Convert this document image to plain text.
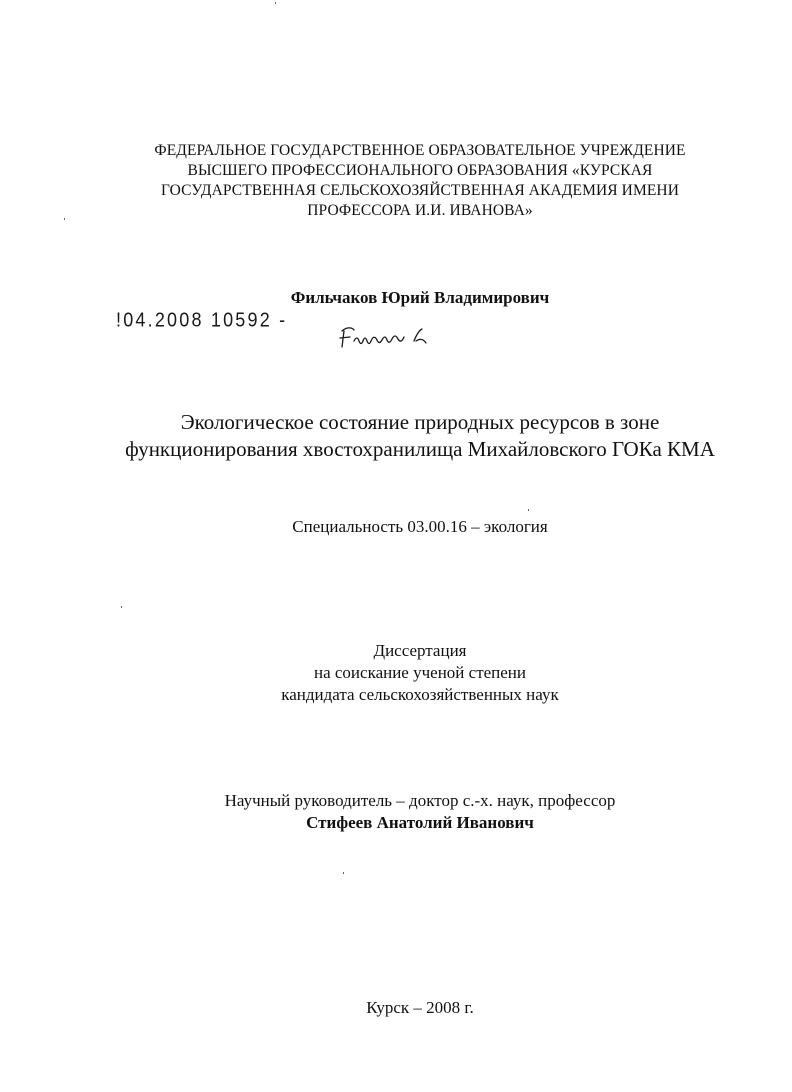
ФЕДЕРАЛЬНОЕ ГОСУДАРСТВЕННОЕ ОБРАЗОВАТЕЛЬНОЕ УЧРЕЖДЕНИЕ
ВЫСШЕГО ПРОФЕССИОНАЛЬНОГО ОБРАЗОВАНИЯ «КУРСКАЯ
ГОСУДАРСТВЕННАЯ СЕЛЬСКОХОЗЯЙСТВЕННАЯ АКАДЕМИЯ ИМЕНИ
ПРОФЕССОРА И.И. ИВАНОВА»
Фильчаков Юрий Владимирович
!04.2008 10592 -
Экологическое состояние природных ресурсов в зоне
функционирования хвостохранилища Михайловского ГОКа КМА
Специальность 03.00.16 – экология
Диссертация
на соискание ученой степени
кандидата сельскохозяйственных наук
Научный руководитель – доктор с.-х. наук, профессор
Стифеев Анатолий Иванович
Курск – 2008 г.
